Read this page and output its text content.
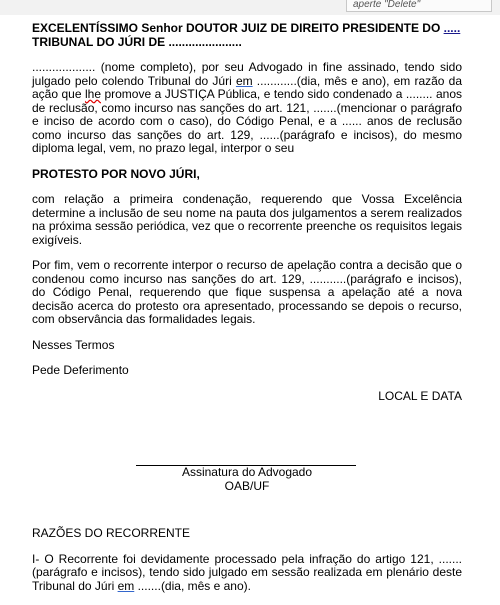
aperte "Delete"
EXCELENTÍSSIMO Senhor DOUTOR JUIZ DE DIREITO PRESIDENTE DO .....
TRIBUNAL DO JÚRI DE ......................

................... (nome completo), por seu Advogado in fine assinado, tendo sido julgado pelo colendo Tribunal do Júri em ............(dia, mês e ano), em razão da ação que lhe promove a JUSTIÇA Pública, e tendo sido condenado a ........ anos de reclusão, como incurso nas sanções do art. 121, .......(mencionar o parágrafo e inciso de acordo com o caso), do Código Penal, e a ...... anos de reclusão como incurso das sanções do art. 129, ......(parágrafo e incisos), do mesmo diploma legal, vem, no prazo legal, interpor o seu

PROTESTO POR NOVO JÚRI,

com relação a primeira condenação, requerendo que Vossa Excelência determine a inclusão de seu nome na pauta dos julgamentos a serem realizados na próxima sessão periódica, vez que o recorrente preenche os requisitos legais exigíveis.

Por fim, vem o recorrente interpor o recurso de apelação contra a decisão que o condenou como incurso nas sanções do art. 129, ...........(parágrafo e incisos), do Código Penal, requerendo que fique suspensa a apelação até a nova decisão acerca do protesto ora apresentado, processando se depois o recurso, com observância das formalidades legais.

Nesses Termos

Pede Deferimento

LOCAL E DATA

Assinatura do Advogado
OAB/UF

RAZÕES DO RECORRENTE

I- O Recorrente foi devidamente processado pela infração do artigo 121, .......(parágrafo e incisos), tendo sido julgado em sessão realizada em plenário deste Tribunal do Júri em .......(dia, mês e ano).
